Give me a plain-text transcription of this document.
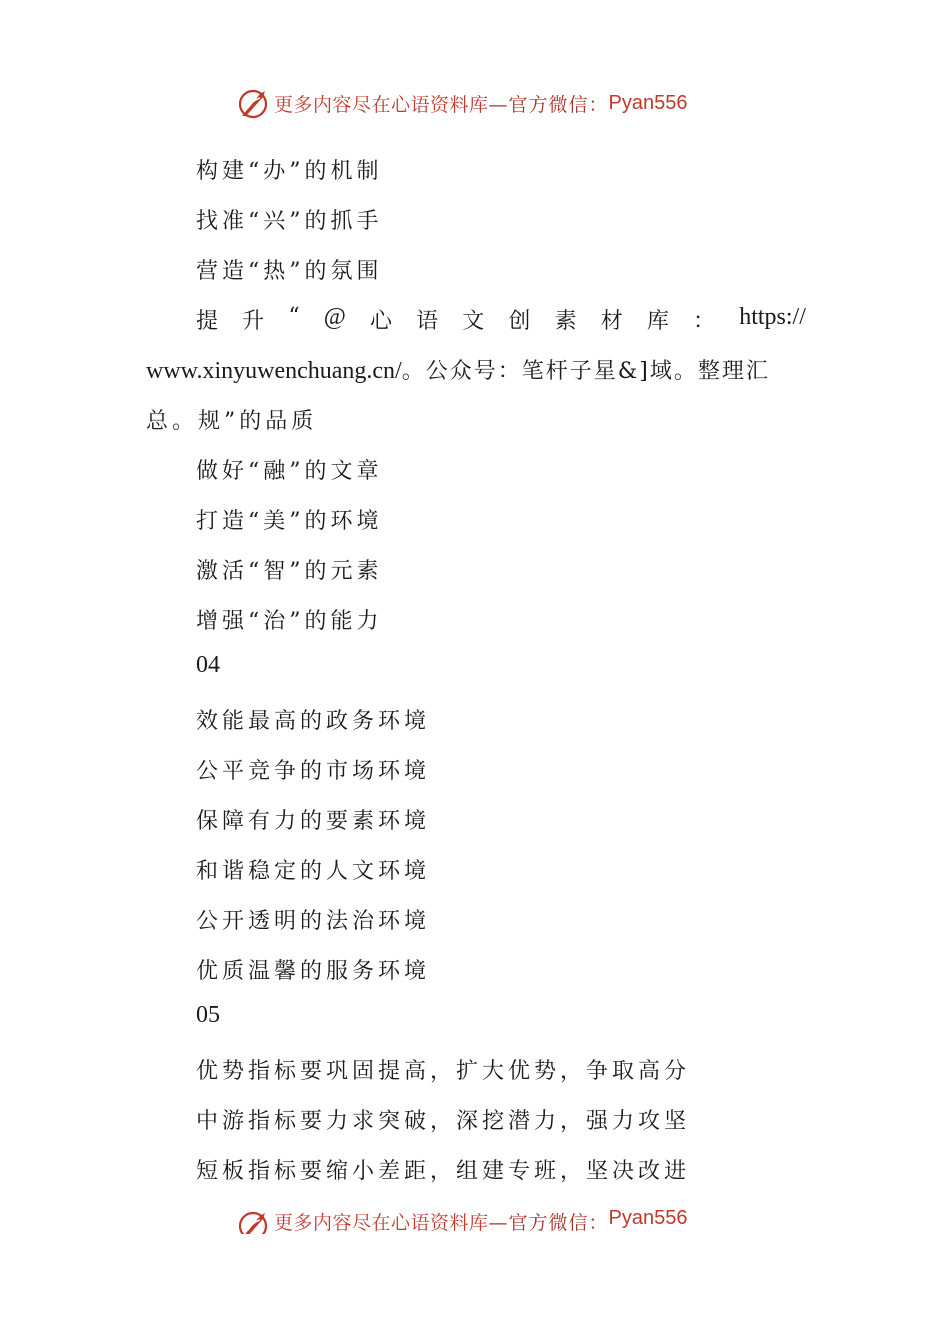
更多内容尽在心语资料库 —官方微信： Pyan556
构建“办”的机制
找准“兴”的抓手
营造“热”的氛围
提 升 “ @ 心 语 文 创 素 材 库 ： https://
www.xinyuwenchuang.cn/。公众号：笔杆子星&]域。整理汇
总。规”的品质
做好“融”的文章
打造“美”的环境
激活“智”的元素
增强“治”的能力
04
效能最高的政务环境
公平竞争的市场环境
保障有力的要素环境
和谐稳定的人文环境
公开透明的法治环境
优质温馨的服务环境
05
优势指标要巩固提高，扩大优势，争取高分
中游指标要力求突破，深挖潜力，强力攻坚
短板指标要缩小差距，组建专班，坚决改进
更多内容尽在心语资料库 —官方微信： Pyan556
